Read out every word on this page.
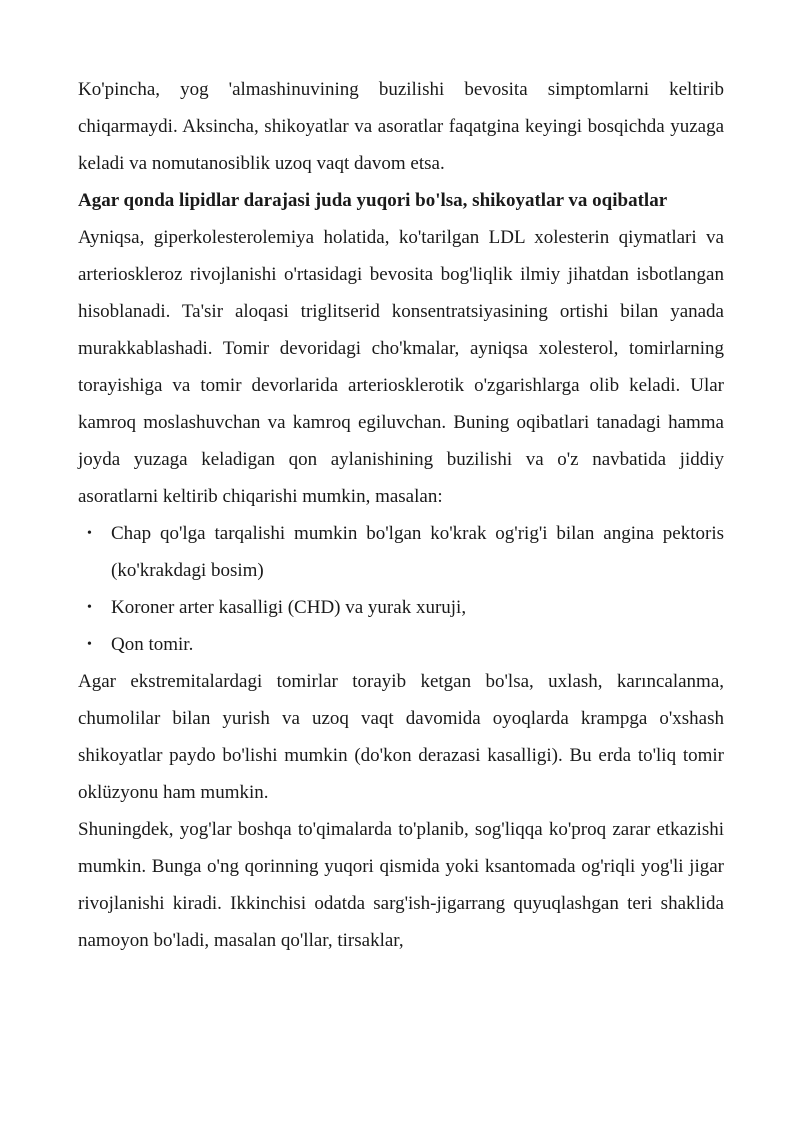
Ko'pincha, yog 'almashinuvining buzilishi bevosita simptomlarni keltirib chiqarmaydi. Aksincha, shikoyatlar va asoratlar faqatgina keyingi bosqichda yuzaga keladi va nomutanosiblik uzoq vaqt davom etsa.

Agar qonda lipidlar darajasi juda yuqori bo'lsa, shikoyatlar va oqibatlar

Ayniqsa, giperkolesterolemiya holatida, ko'tarilgan LDL xolesterin qiymatlari va arterioskleroz rivojlanishi o'rtasidagi bevosita bog'liqlik ilmiy jihatdan isbotlangan hisoblanadi. Ta'sir aloqasi triglitserid konsentratsiyasining ortishi bilan yanada murakkablashadi. Tomir devoridagi cho'kmalar, ayniqsa xolesterol, tomirlarning torayishiga va tomir devorlarida arteriosklerotik o'zgarishlarga olib keladi. Ular kamroq moslashuvchan va kamroq egiluvchan. Buning oqibatlari tanadagi hamma joyda yuzaga keladigan qon aylanishining buzilishi va o'z navbatida jiddiy asoratlarni keltirib chiqarishi mumkin, masalan:

• Chap qo'lga tarqalishi mumkin bo'lgan ko'krak og'rig'i bilan angina pektoris (ko'krakdagi bosim)
• Koroner arter kasalligi (CHD) va yurak xuruji,
• Qon tomir.

Agar ekstremitalardagi tomirlar torayib ketgan bo'lsa, uxlash, karıncalanma, chumolilar bilan yurish va uzoq vaqt davomida oyoqlarda krampga o'xshash shikoyatlar paydo bo'lishi mumkin (do'kon derazasi kasalligi). Bu erda to'liq tomir oklüzyonu ham mumkin.

Shuningdek, yog'lar boshqa to'qimalarda to'planib, sog'liqqa ko'proq zarar etkazishi mumkin. Bunga o'ng qorinning yuqori qismida yoki ksantomada og'riqli yog'li jigar rivojlanishi kiradi. Ikkinchisi odatda sarg'ish-jigarrang quyuqlashgan teri shaklida namoyon bo'ladi, masalan qo'llar, tirsaklar,
